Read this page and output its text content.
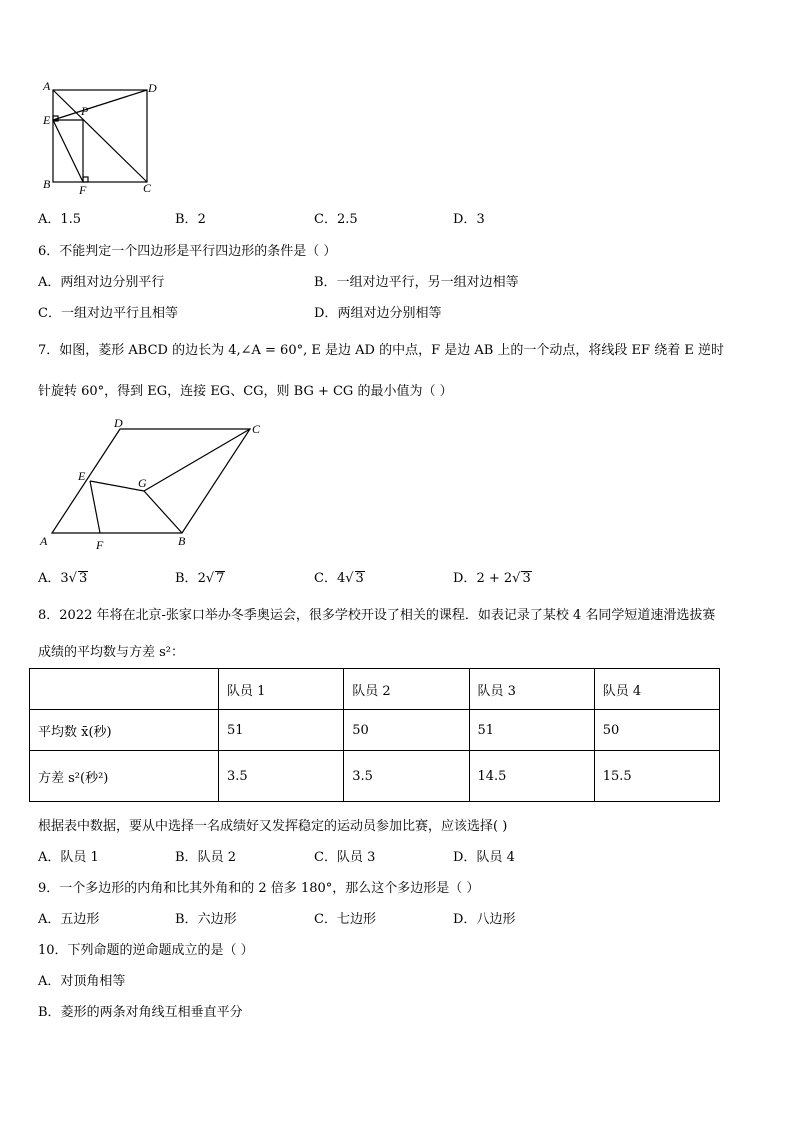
A	D
P
E
B F	C
A．1.5	B．2	C．2.5	D．3
6．不能判定一个四边形是平行四边形的条件是（ ）
A．两组对边分别平行	B．一组对边平行，另一组对边相等
C．一组对边平行且相等	D．两组对边分别相等
7．如图，菱形 ABCD 的边长为 4,∠A = 60°, E 是边 AD 的中点，F 是边 AB 上的一个动点，将线段 EF 绕着 E 逆时
针旋转 60°，得到 EG，连接 EG、CG，则 BG + CG 的最小值为（ ）
D	C
E	G
A	F	B
A．3√ 3	B．2√ 7	C．4√ 3	D．2 + 2√ 3
8．2022 年将在北京-张家口举办冬季奥运会，很多学校开设了相关的课程．如表记录了某校 4 名同学短道速滑选拔赛
成绩的平均数与方差 s²：
	队员 1	队员 2	队员 3	队员 4
平均数 x̄(秒)	51	50	51	50
方差 s²(秒²)	3.5	3.5	14.5	15.5
根据表中数据，要从中选择一名成绩好又发挥稳定的运动员参加比赛，应该选择( )
A．队员 1	B．队员 2	C．队员 3	D．队员 4
9．一个多边形的内角和比其外角和的 2 倍多 180°，那么这个多边形是（ ）
A．五边形	B．六边形	C．七边形	D．八边形
10．下列命题的逆命题成立的是（ ）
A．对顶角相等
B．菱形的两条对角线互相垂直平分
